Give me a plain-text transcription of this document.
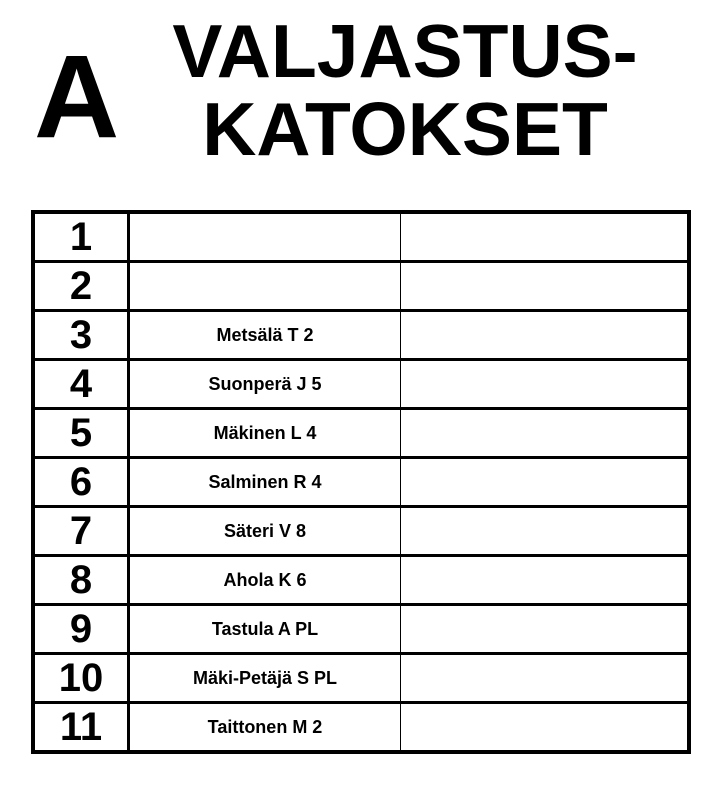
A VALJASTUS-
KATOKSET
1		
2		
3	Metsälä T 2	
4	Suonperä J 5	
5	Mäkinen L 4	
6	Salminen R 4	
7	Säteri V 8	
8	Ahola K 6	
9	Tastula A PL	
10	Mäki-Petäjä S PL	
11	Taittonen M 2	
